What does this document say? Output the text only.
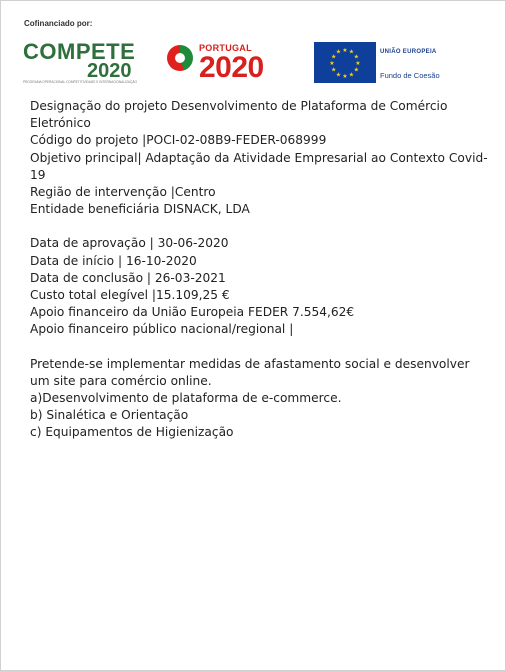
Cofinanciado por:
COMPETE
2020
PROGRAMA OPERACIONAL COMPETITIVIDADE E INTERNACIONALIZAÇÃO
PORTUGAL
2020
★ ★
★
★
★
★
★
★
★
★
★
★	UNIÃO EUROPEIA
Fundo de Coesão

Designação do projeto Desenvolvimento de Plataforma de Comércio Eletrónico

Código do projeto |POCI-02-08B9-FEDER-068999

Objetivo principal| Adaptação da Atividade Empresarial ao Contexto Covid-19

Região de intervenção |Centro

Entidade beneficiária DISNACK, LDA

Data de aprovação | 30-06-2020

Data de início | 16-10-2020

Data de conclusão | 26-03-2021

Custo total elegível |15.109,25 €

Apoio financeiro da União Europeia FEDER 7.554,62€

Apoio financeiro público nacional/regional |

Pretende-se implementar medidas de afastamento social e desenvolver um site para comércio online.

a)Desenvolvimento de plataforma de e-commerce.

b) Sinalética e Orientação

c) Equipamentos de Higienização
